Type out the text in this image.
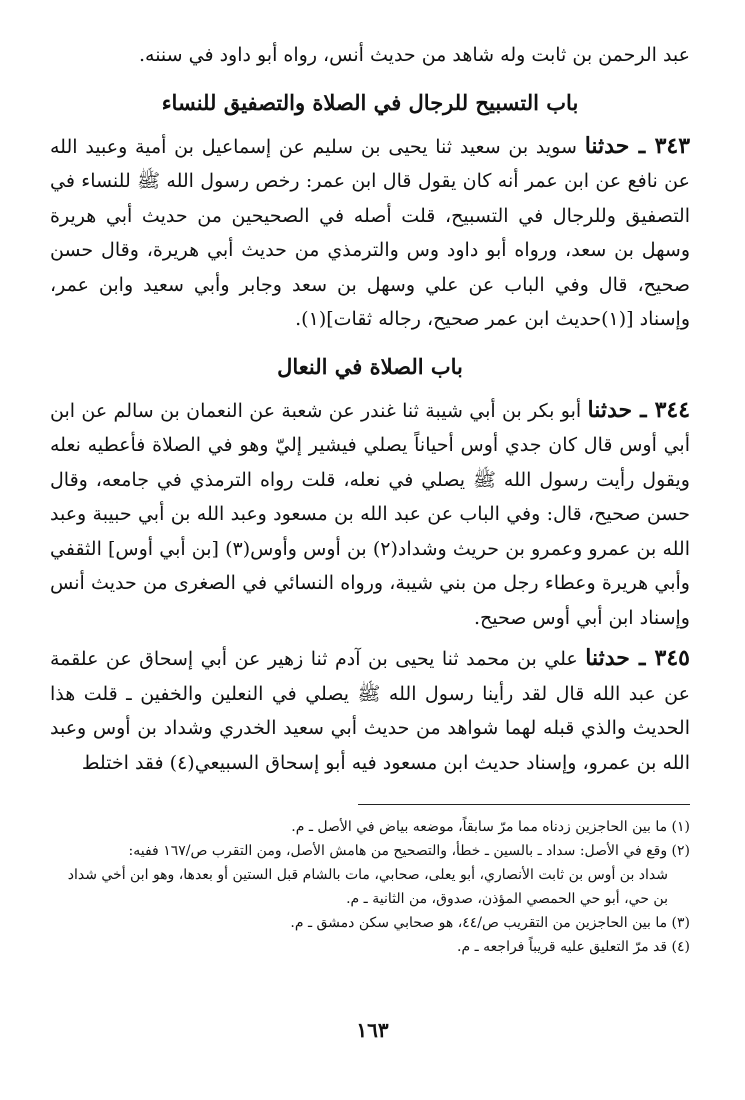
عبد الرحمن بن ثابت وله شاهد من حديث أنس، رواه أبو داود في سننه.

باب التسبيح للرجال في الصلاة والتصفيق للنساء

٣٤٣ ـ حدثنا سويد بن سعيد ثنا يحيى بن سليم عن إسماعيل بن أمية وعبيد الله عن نافع عن ابن عمر أنه كان يقول قال ابن عمر: رخص رسول الله ﷺ للنساء في التصفيق وللرجال في التسبيح، قلت أصله في الصحيحين من حديث أبي هريرة وسهل بن سعد، ورواه أبو داود وس والترمذي من حديث أبي هريرة، وقال حسن صحيح، قال وفي الباب عن علي وسهل بن سعد وجابر وأبي سعيد وابن عمر، وإسناد [(١)حديث ابن عمر صحيح، رجاله ثقات](١).

باب الصلاة في النعال

٣٤٤ ـ حدثنا أبو بكر بن أبي شيبة ثنا غندر عن شعبة عن النعمان بن سالم عن ابن أبي أوس قال كان جدي أوس أحياناً يصلي فيشير إليّ وهو في الصلاة فأعطيه نعله ويقول رأيت رسول الله ﷺ يصلي في نعله، قلت رواه الترمذي في جامعه، وقال حسن صحيح، قال: وفي الباب عن عبد الله بن مسعود وعبد الله بن أبي حبيبة وعبد الله بن عمرو وعمرو بن حريث وشداد(٢) بن أوس وأوس(٣) [بن أبي أوس] الثقفي وأبي هريرة وعطاء رجل من بني شيبة، ورواه النسائي في الصغرى من حديث أنس وإسناد ابن أبي أوس صحيح.

٣٤٥ ـ حدثنا علي بن محمد ثنا يحيى بن آدم ثنا زهير عن أبي إسحاق عن علقمة عن عبد الله قال لقد رأينا رسول الله ﷺ يصلي في النعلين والخفين ـ قلت هذا الحديث والذي قبله لهما شواهد من حديث أبي سعيد الخدري وشداد بن أوس وعبد الله بن عمرو، وإسناد حديث ابن مسعود فيه أبو إسحاق السبيعي(٤) فقد اختلط

(١) ما بين الحاجزين زدناه مما مرّ سابقاً، موضعه بياض في الأصل ـ م.

(٢) وقع في الأصل: سداد ـ بالسين ـ خطأ، والتصحيح من هامش الأصل، ومن التقرب ص/١٦٧ ففيه:

شداد بن أوس بن ثابت الأنصاري، أبو يعلى، صحابي، مات بالشام قبل الستين أو بعدها، وهو ابن أخي شداد بن حي، أبو حي الحمصي المؤذن، صدوق، من الثانية ـ م.

(٣) ما بين الحاجزين من التقريب ص/٤٤، هو صحابي سكن دمشق ـ م.

(٤) قد مرّ التعليق عليه قريباً فراجعه ـ م.

١٦٣
